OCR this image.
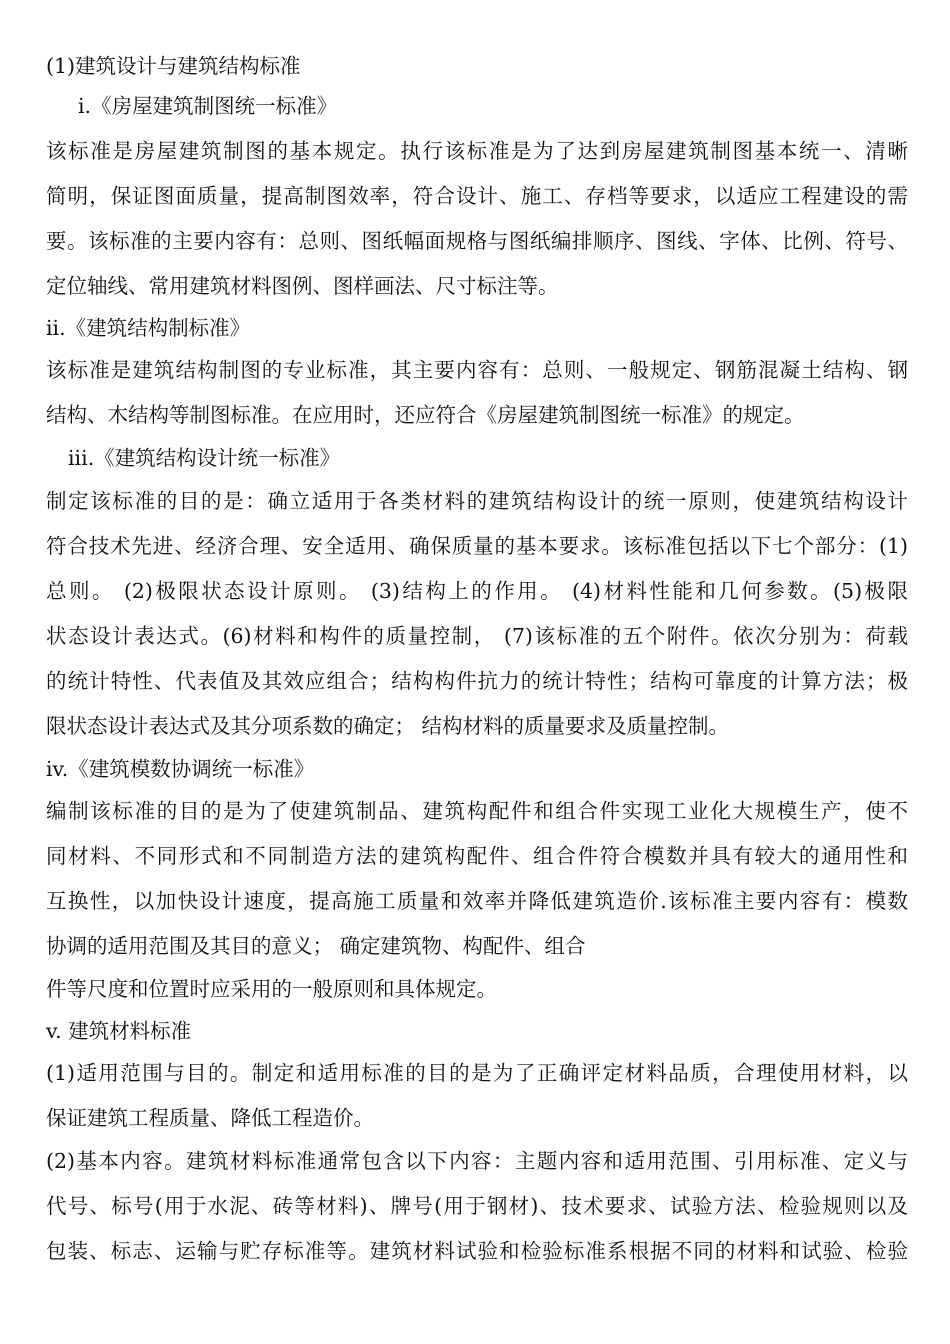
(1)建筑设计与建筑结构标准
i.《房屋建筑制图统一标准》
该标准是房屋建筑制图的基本规定。执行该标准是为了达到房屋建筑制图基本统一、清晰
简明，保证图面质量，提高制图效率，符合设计、施工、存档等要求，以适应工程建设的需
要。该标准的主要内容有：总则、图纸幅面规格与图纸编排顺序、图线、字体、比例、符号、
定位轴线、常用建筑材料图例、图样画法、尺寸标注等。
ii.《建筑结构制标准》
该标准是建筑结构制图的专业标准，其主要内容有：总则、一般规定、钢筋混凝土结构、钢
结构、木结构等制图标准。在应用时，还应符合《房屋建筑制图统一标准》的规定。
iii.《建筑结构设计统一标准》
制定该标准的目的是：确立适用于各类材料的建筑结构设计的统一原则，使建筑结构设计
符合技术先进、经济合理、安全适用、确保质量的基本要求。该标准包括以下七个部分：(1)
总则。 (2)极限状态设计原则。 (3)结构上的作用。 (4)材料性能和几何参数。(5)极限
状态设计表达式。(6)材料和构件的质量控制， (7)该标准的五个附件。依次分别为：荷载
的统计特性、代表值及其效应组合；结构构件抗力的统计特性；结构可靠度的计算方法；极
限状态设计表达式及其分项系数的确定； 结构材料的质量要求及质量控制。
iv.《建筑模数协调统一标准》
编制该标准的目的是为了使建筑制品、建筑构配件和组合件实现工业化大规模生产，使不
同材料、不同形式和不同制造方法的建筑构配件、组合件符合模数并具有较大的通用性和
互换性，以加快设计速度，提高施工质量和效率并降低建筑造价.该标准主要内容有：模数
协调的适用范围及其目的意义； 确定建筑物、构配件、组合
件等尺度和位置时应采用的一般原则和具体规定。
v. 建筑材料标准
(1)适用范围与目的。制定和适用标准的目的是为了正确评定材料品质，合理使用材料，以
保证建筑工程质量、降低工程造价。
(2)基本内容。建筑材料标准通常包含以下内容：主题内容和适用范围、引用标准、定义与
代号、标号(用于水泥、砖等材料)、牌号(用于钢材)、技术要求、试验方法、检验规则以及
包装、标志、运输与贮存标准等。建筑材料试验和检验标准系根据不同的材料和试验、检验
